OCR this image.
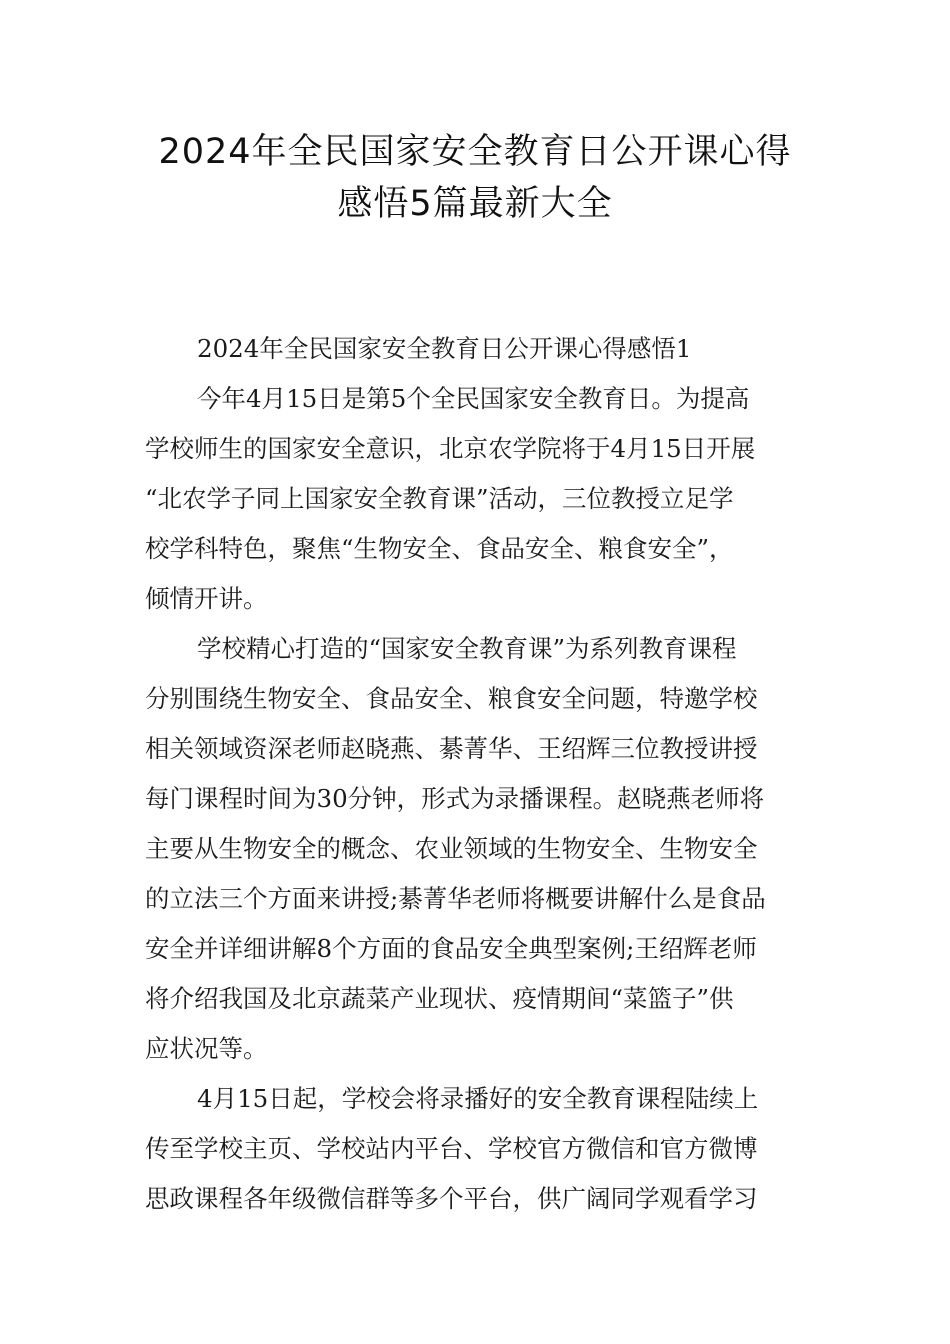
2024年全民国家安全教育日公开课心得
感悟5篇最新大全
2024年全民国家安全教育日公开课心得感悟1
今年4月15日是第5个全民国家安全教育日。为提高
学校师生的国家安全意识，北京农学院将于4月15日开展
“北农学子同上国家安全教育课”活动，三位教授立足学
校学科特色，聚焦“生物安全、食品安全、粮食安全”，
倾情开讲。
学校精心打造的“国家安全教育课”为系列教育课程
分别围绕生物安全、食品安全、粮食安全问题，特邀学校
相关领域资深老师赵晓燕、綦菁华、王绍辉三位教授讲授
每门课程时间为30分钟，形式为录播课程。赵晓燕老师将
主要从生物安全的概念、农业领域的生物安全、生物安全
的立法三个方面来讲授;綦菁华老师将概要讲解什么是食品
安全并详细讲解8个方面的食品安全典型案例;王绍辉老师
将介绍我国及北京蔬菜产业现状、疫情期间“菜篮子”供
应状况等。
4月15日起，学校会将录播好的安全教育课程陆续上
传至学校主页、学校站内平台、学校官方微信和官方微博
思政课程各年级微信群等多个平台，供广阔同学观看学习
